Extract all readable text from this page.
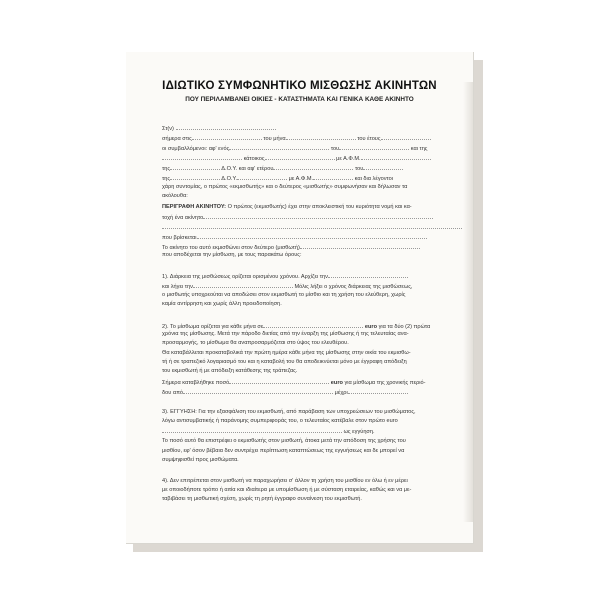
ΙΔΙΩΤΙΚΟ ΣΥΜΦΩΝΗΤΙΚΟ ΜΙΣΘΩΣΗΣ ΑΚΙΝΗΤΩΝ
ΠΟΥ ΠΕΡΙΛΑΜΒΑΝΕΙ ΟΙΚΙΕΣ - ΚΑΤΑΣΤΗΜΑΤΑ ΚΑΙ ΓΕΝΙΚΑ ΚΑΘΕ ΑΚΙΝΗΤΟ
Στ(ν)
σήμερα στις	του μήνα	του έτους
οι συμβαλλόμενοι: αφ' ενός	του	και της
κάτοικος	με Α.Φ.Μ.
της	Δ.Ο.Υ. και αφ' ετέρου	του
της	Δ.Ο.Υ.	με Α.Φ.Μ.	και δια λέγοντοι
χάρη συντομίας, ο πρώτος «εκμισθωτής» και ο δεύτερος «μισθωτής» συμφωνήσαν και δήλωσαν τα
ακόλουθα:
ΠΕΡΙΓΡΑΦΗ ΑΚΙΝΗΤΟΥ: Ο πρώτος (εκμισθωτής) έχει στην αποκλειστική του κυριότητα νομή και κα-
τοχή ένα ακίνητο
που βρίσκεται
Το ακίνητο του αυτό εκμισθώνει στον δεύτερο (μισθωτή)
που αποδέχεται την μίσθωση, με τους παρακάτω όρους:
1). Διάρκεια της μισθώσεως ορίζεται ορισμένου χρόνου. Αρχίζει την
και λήγει την	Μόλις λήξει ο χρόνος διάρκειας της μισθώσεως,
ο μισθωτής υποχρεούται να αποδώσει στον εκμισθωτή το μίσθιο και τη χρήση του ελεύθερη, χωρίς
καμία αντίρρηση και χωρίς άλλη προειδοποίηση.
2). Το μίσθωμα ορίζεται για κάθε μήνα σε	euro για τα δύο (2) πρώτα
χρόνια της μίσθωσης. Μετά την πάροδο διετίας από την έναρξη της μίσθωσης ή της τελευταίας ανα-
προσαρμογής, το μίσθωμα θα αναπροσαρμόζεται στο ύψος του ελευθέρου.
Θα καταβάλλεται προκαταβολικά την πρώτη ημέρα κάθε μήνα της μίσθωσης στην οικία του εκμισθω-
τή ή σε τραπεζικό λογαριασμό του και η καταβολή του θα αποδεικνύεται μόνο με έγγραφη απόδειξη
του εκμισθωτή ή με απόδειξη κατάθεσης της τράπεζας.
Σήμερα καταβλήθηκε ποσό	euro για μίσθωμα της χρονικής περιό-
δου από	μέχρι
3). ΕΓΓΥΗΣΗ: Για την εξασφάλιση του εκμισθωτή, από παράβαση των υποχρεώσεων του μισθώματος,
λόγω αντισυμβατικής ή παράνομης συμπεριφοράς του, ο τελευταίος κατέβαλε στον πρώτο euro
ως εγγύηση.
Το ποσό αυτό θα επιστρέφει ο εκμισθωτής στον μισθωτή, άτοκα μετά την απόδοση της χρήσης του
μισθίου, εφ' όσον βέβαια δεν συντρέχει περίπτωση καταπτώσεως της εγγυήσεως και δε μπορεί να
συμψηφισθεί προς μισθώματα.
4). Δεν επιτρέπεται στον μισθωτή να παραχωρήσει σ' άλλον τη χρήση του μισθίου εν όλω ή εν μέρει
με οποιοδήποτε τρόπο ή αιτία και ιδιαίτερα με υπομίσθωση ή με σύσταση εταιρείας, καθώς και να με-
ταβιβάσει τη μισθωτική σχέση, χωρίς τη ρητή έγγραφο συναίνεση του εκμισθωτή.
